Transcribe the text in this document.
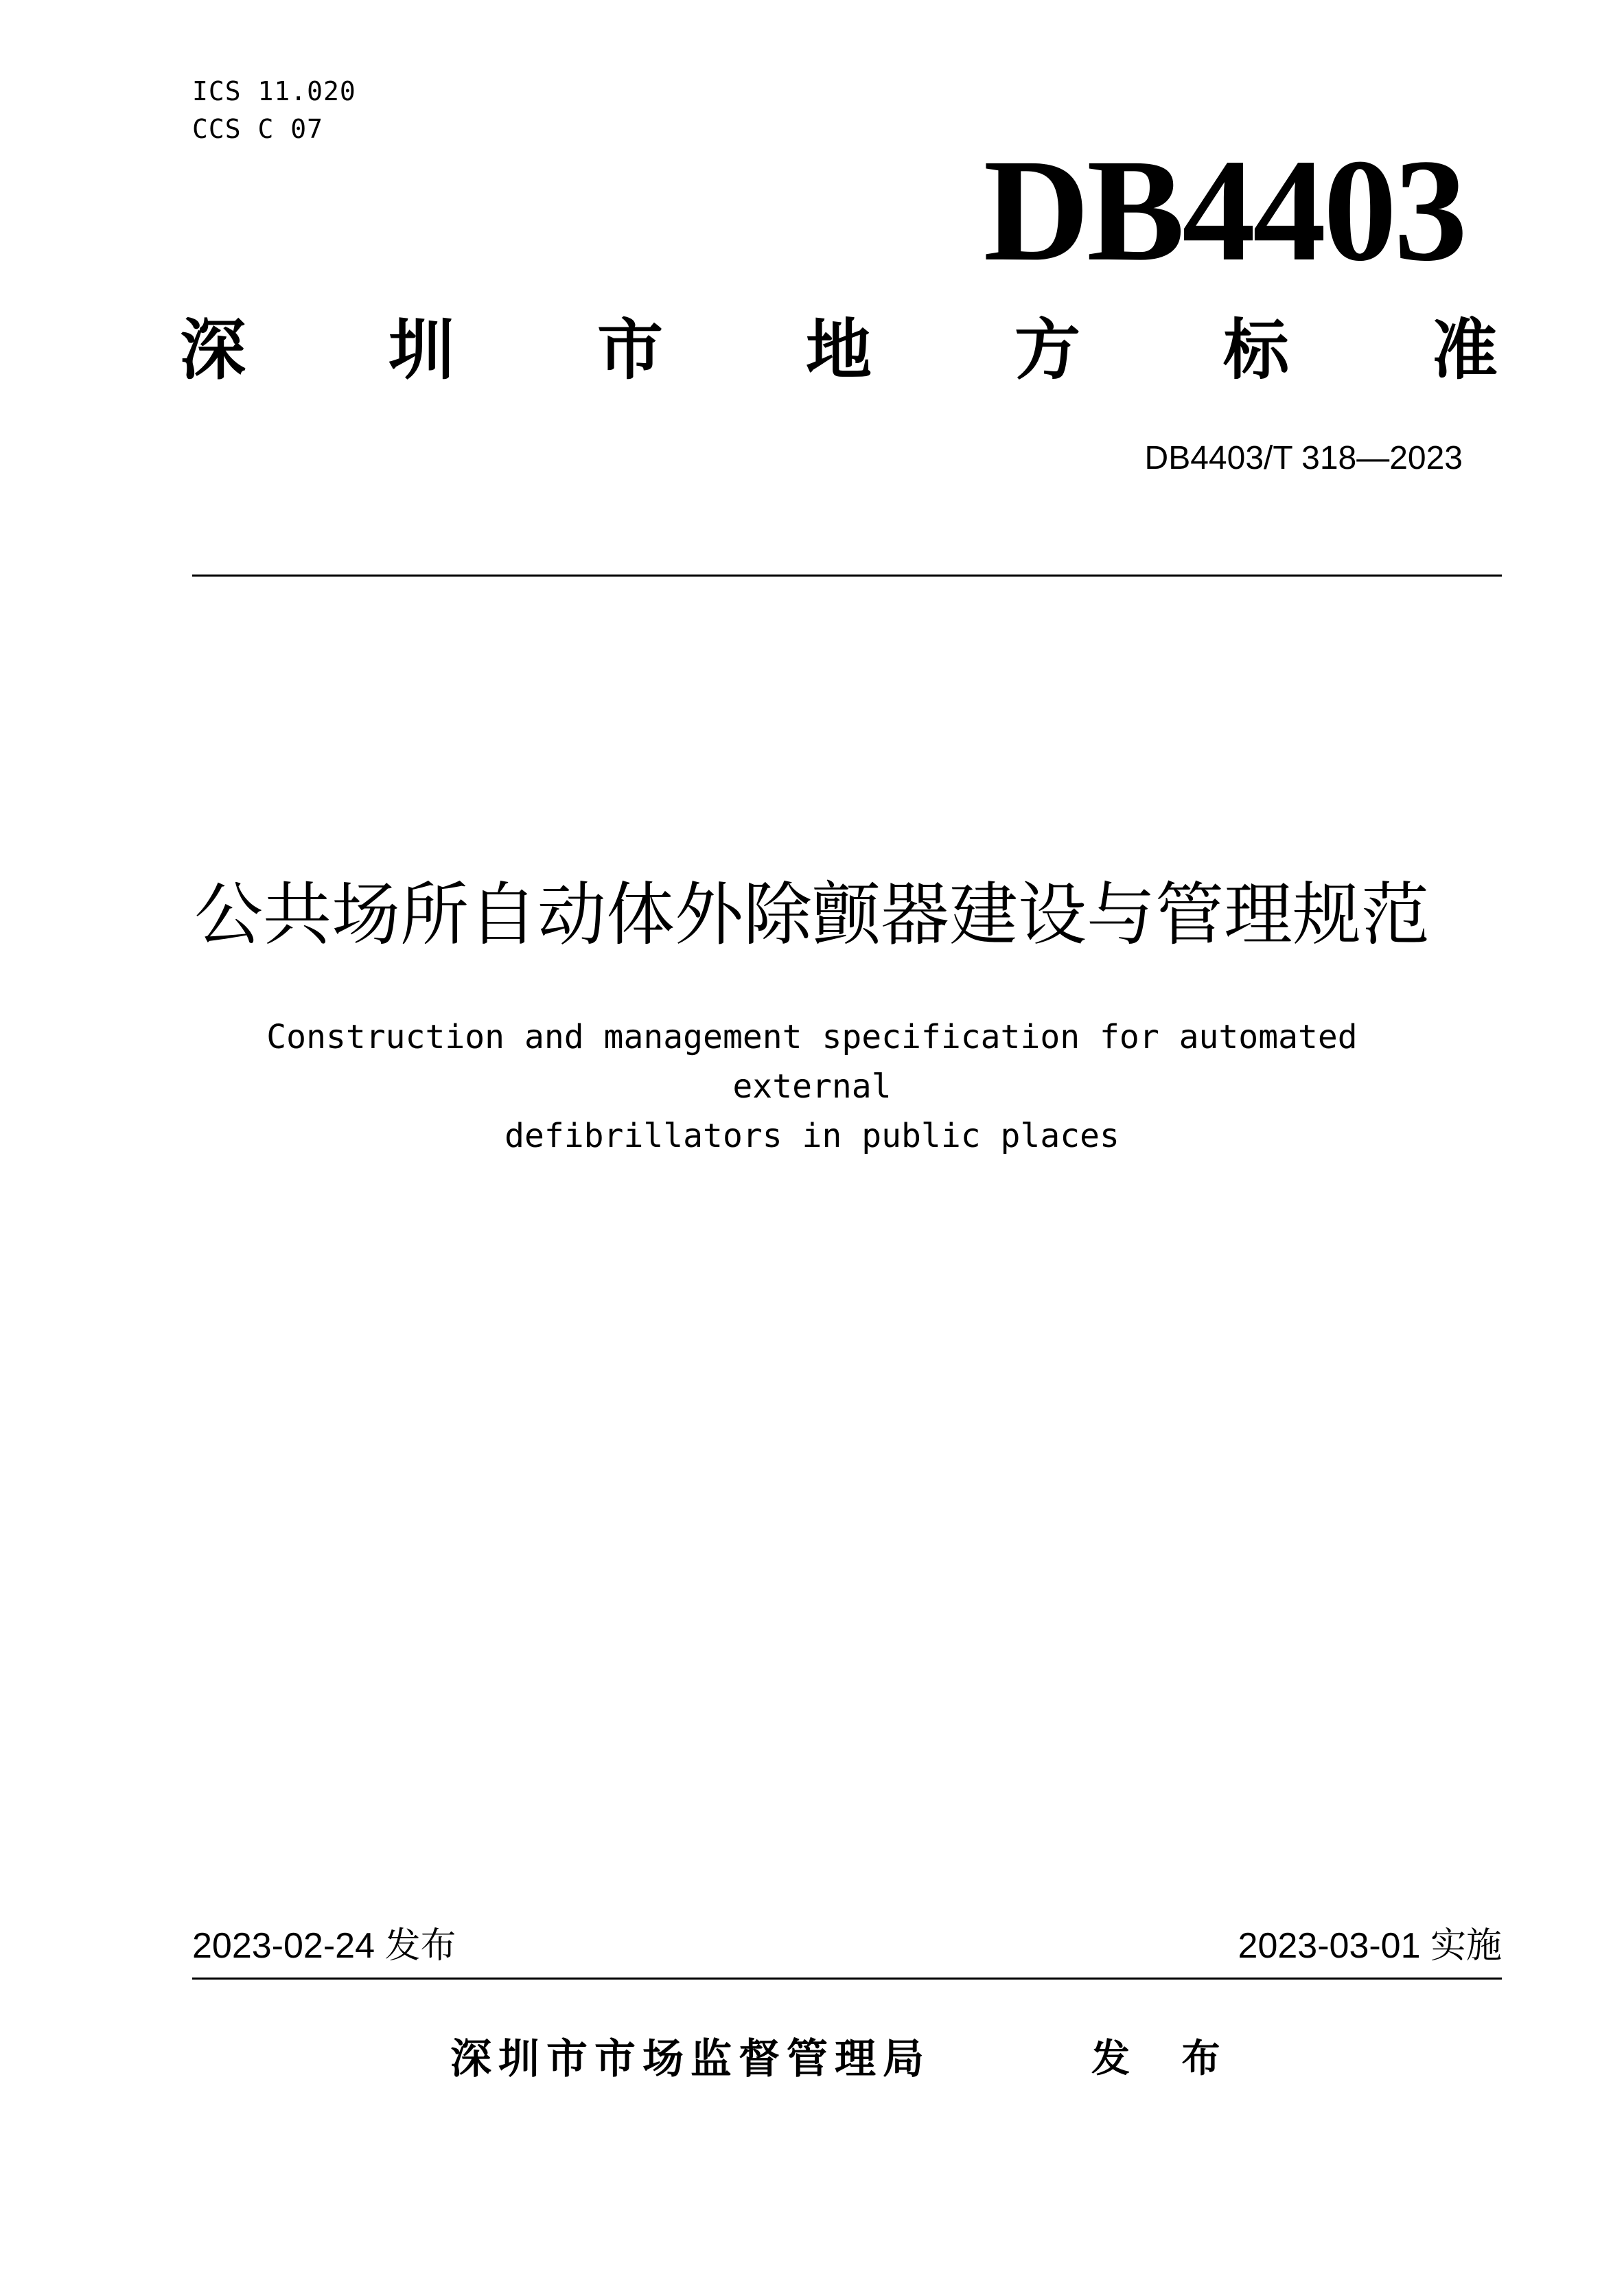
ICS 11.020
CCS C 07	DB4403
深 圳 市 地 方 标 准
DB4403/T 318—2023
公共场所自动体外除颤器建设与管理规范
Construction and management specification for automated external
defibrillators in public places
2023-02-24 发布	2023-03-01 实施
深圳市市场监督管理局	发 布
